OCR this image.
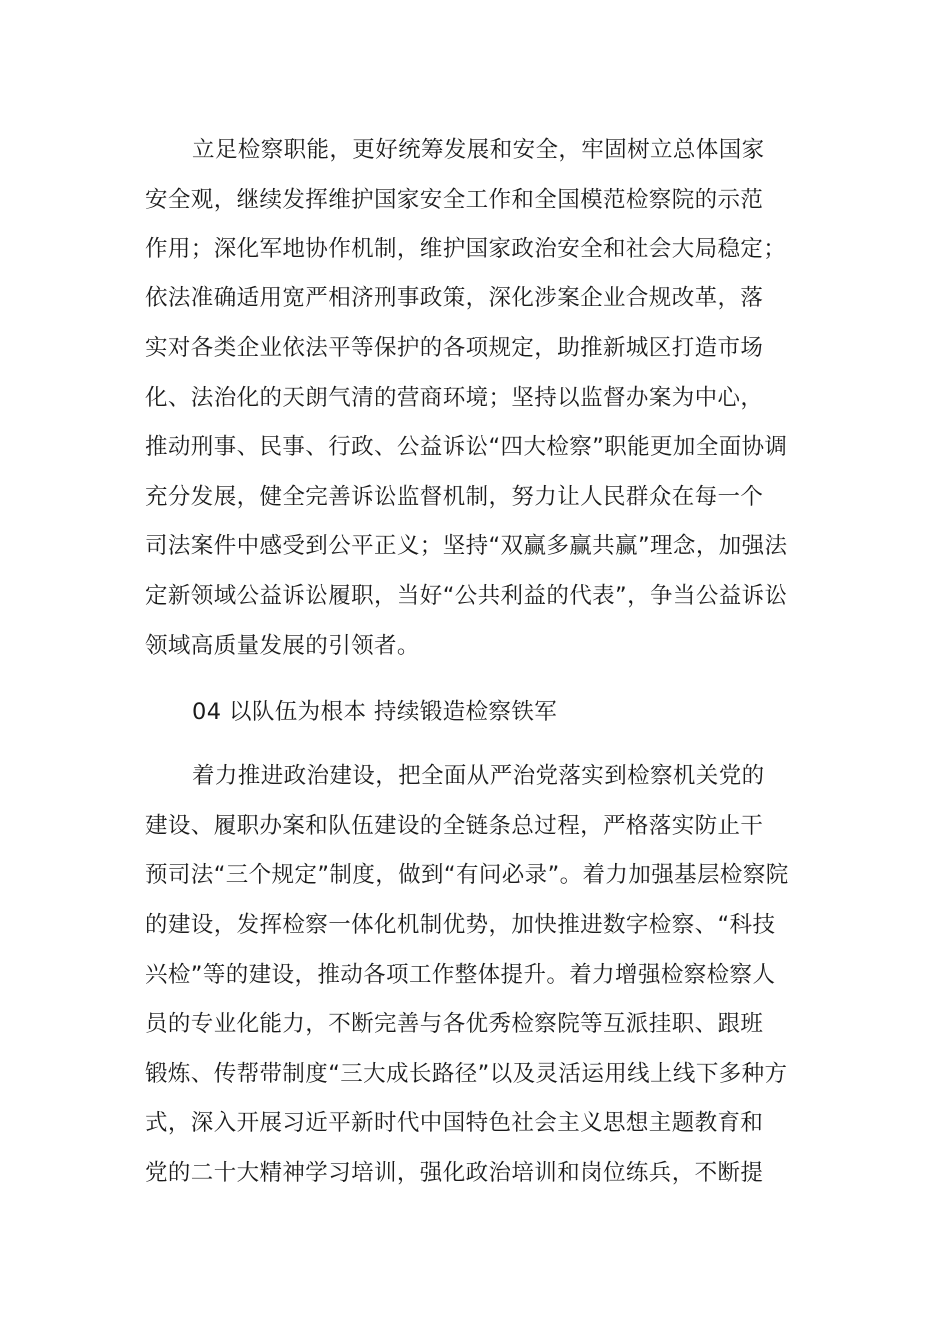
立足检察职能，更好统筹发展和安全，牢固树立总体国家
安全观，继续发挥维护国家安全工作和全国模范检察院的示范
作用；深化军地协作机制，维护国家政治安全和社会大局稳定；
依法准确适用宽严相济刑事政策，深化涉案企业合规改革，落
实对各类企业依法平等保护的各项规定，助推新城区打造市场
化、法治化的天朗气清的营商环境；坚持以监督办案为中心，
推动刑事、民事、行政、公益诉讼“四大检察”职能更加全面协调
充分发展，健全完善诉讼监督机制，努力让人民群众在每一个
司法案件中感受到公平正义；坚持“双赢多赢共赢”理念，加强法
定新领域公益诉讼履职，当好“公共利益的代表”，争当公益诉讼
领域高质量发展的引领者。
04 以队伍为根本 持续锻造检察铁军
着力推进政治建设，把全面从严治党落实到检察机关党的
建设、履职办案和队伍建设的全链条总过程，严格落实防止干
预司法“三个规定”制度，做到“有问必录”。着力加强基层检察院
的建设，发挥检察一体化机制优势，加快推进数字检察、“科技
兴检”等的建设，推动各项工作整体提升。着力增强检察检察人
员的专业化能力，不断完善与各优秀检察院等互派挂职、跟班
锻炼、传帮带制度“三大成长路径”以及灵活运用线上线下多种方
式，深入开展习近平新时代中国特色社会主义思想主题教育和
党的二十大精神学习培训，强化政治培训和岗位练兵，不断提
